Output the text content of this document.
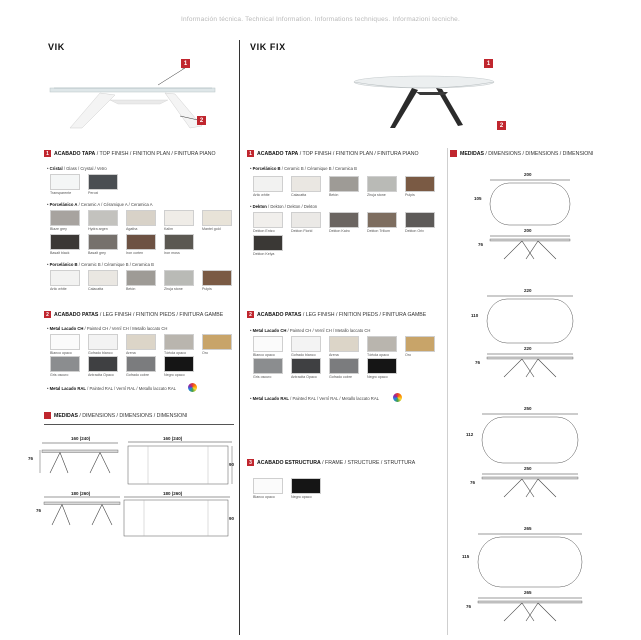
Información técnica. Technical Information. Informations techniques. Informazioni tecniche.
VIK
1
2
1 ACABADO TAPA / TOP FINISH / FINITION PLAN / FINITURA PIANO
• Cristal / Glass / Crystal / Vetro
Transparente	Peroxi
• Porcelánico A / Ceramic A / Céramique A / Ceramica A
Blaze grey	Hydra argen	Agatha	Kalim	Mantel gold
Basalt black	Basalt grey	Iron corten	Iron moss
• Porcelánico B / Ceramic B / Céramique B / Ceramica B
Artic white	Calacatta	Betón	Zhuja stone	Pulpis
2 ACABADO PATAS / LEG FINISH / FINITION PIEDS / FINITURA GAMBE
• Metal Lacado CH / Painted CH / Vernî CH / Metallo laccato CH
Blanco opaco	Gofrado blanco	Arena	Tórtola opaco	Oro
Gris oscuro	Antracita Opaco	Gofrado cobre	Negro opaco
• Metal Lacado RAL / Painted RAL / Vernî RAL / Metallo laccato RAL
MEDIDAS / DIMENSIONS / DIMENSIONS / DIMENSIONI
160 (240)
76
160 (240)
90
180 (260)
76
180 (260)
90
VIK FIX
1
2
1 ACABADO TAPA / TOP FINISH / FINITION PLAN / FINITURA PIANO
• Porcelánico B / Ceramic B / Céramique B / Ceramica B
Artic white	Calacatta	Betón	Zhuja stone	Pulpis
• Dekton / Dekton / Dekton / Dekton
Dekton Entzo	Dekton Florid	Dekton Kairo	Dekton Trilium	Dekton Orix
Dekton Kelya
2 ACABADO PATAS / LEG FINISH / FINITION PIEDS / FINITURA GAMBE
• Metal Lacado CH / Painted CH / Vernî CH / Metallo laccato CH
Blanco opaco	Gofrado blanco	Arena	Tórtola opaco	Oro
Gris oscuro	Antracita Opaco	Gofrado cobre	Negro opaco
• Metal Lacado RAL / Painted RAL / Vernî RAL / Metallo laccato RAL
3 ACABADO ESTRUCTURA / FRAME / STRUCTURE / STRUTTURA
Blanco opaco	Negro opaco
MEDIDAS / DIMENSIONS / DIMENSIONS / DIMENSIONI
200
105
200
76
220
110
220
76
250
112
250
76
265
115
265
76
